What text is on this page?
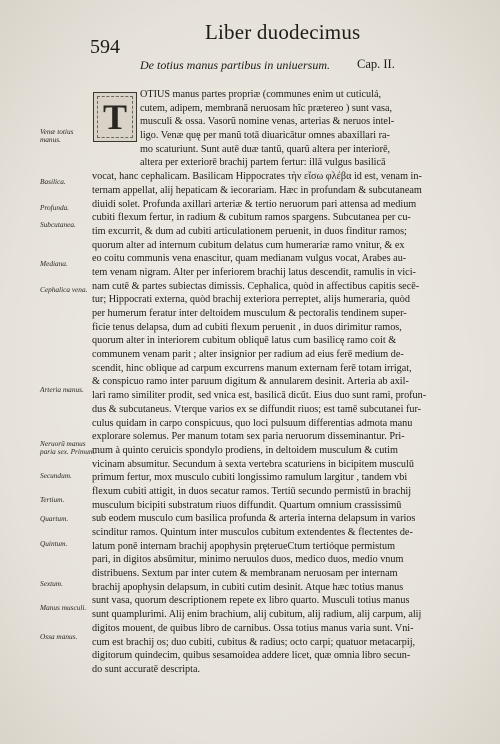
594
Liber duodecimus
De totius manus partibus in uniuersum. Cap. II.
Venæ totius manus.
Basilica.
Profunda.
Subcutanea.
Mediana.
Cephalica vena.
Arteria manus.
Neruorū manus paria sex. Primum.
Secundum.
Tertium.
Quartum.
Quintum.
Sextum.
Manus musculi.
Ossa manus.
T
OTIUS manus partes propriæ (communes enim ut cuticulá,
cutem, adipem, membranā neruosam hîc prætereo ) sunt vasa,
musculi & ossa. Vasorũ nomine venas, arterias & neruos intel-
ligo. Venæ quę per manũ totā diuaricātur omnes abaxillari ra-
mo scaturiunt. Sunt autē duæ tantũ, quarũ altera per interiorē,
altera per exteriorē brachij partem fertur: illā vulgus basilicā
vocat, hanc cephalicam. Basilicam Hippocrates τὴν εἴσω φλέβα id est, venam in-
ternam appellat, alij hepaticam & iecorariam. Hæc in profundam & subcutaneam
diuidi solet. Profunda axillari arteriæ & tertio neruorum pari attensa ad medium
cubiti flexum fertur, in radium & cubitum ramos spargens. Subcutanea per cu-
tim excurrit, & dum ad cubiti articulationem peruenit, in duos finditur ramos;
quorum alter ad internum cubitum delatus cum humerariæ ramo vnitur, & ex
eo coitu communis vena enascitur, quam medianam vulgus vocat, Arabes au-
tem venam nigram. Alter per inferiorem brachij latus descendit, ramulis in vici-
nam cutē & partes subiectas dimissis. Cephalica, quòd in affectibus capitis secē-
tur; Hippocrati externa, quòd brachij exteriora perreptet, alijs humeraria, quòd
per humerum feratur inter deltoidem musculum & pectoralis tendinem super-
ficie tenus delapsa, dum ad cubiti flexum peruenit , in duos dirimitur ramos,
quorum alter in interiorem cubitum obliquē latus cum basilicę ramo coit &
communem venam parit ; alter insignior per radium ad eius ferē medium de-
scendit, hinc oblique ad carpum excurrens manum externam ferē totam irrigat,
& conspicuo ramo inter paruum digitum & annularem desinit. Arteria ab axil-
lari ramo similiter prodit, sed vnica est, basilicā dicūt. Eius duo sunt rami, profun-
dus & subcutaneus. Vterque varios ex se diffundit riuos; est tamē subcutanei fur-
culus quidam in carpo conspicuus, quo loci pulsuum differentias admota manu
explorare solemus. Per manum totam sex paria neruorum disseminantur. Pri-
mum à quinto ceruicis spondylo prodiens, in deltoidem musculum & cutim
vicinam absumitur. Secundum à sexta vertebra scaturiens in bicipitem musculū
primum fertur, mox musculo cubiti longissimo ramulum largitur , tandem vbi
flexum cubiti attigit, in duos secatur ramos. Tertiū secundo permistū in brachij
musculum bicipiti substratum riuos diffundit. Quartum omnium crassissimū
sub eodem musculo cum basilica profunda & arteria interna delapsum in varios
scinditur ramos. Quintum inter musculos cubitum extendentes & flectentes de-
latum ponē internam brachij apophysin prȩterueCtum tertióque permistum
pari, in digitos absūmitur, minimo neruulos duos, medico duos, medio vnum
distribuens. Sextum par inter cutem & membranam neruosam per internam
brachij apophysin delapsum, in cubiti cutim desinit. Atque hæc totius manus
sunt vasa, quorum descriptionem repete ex libro quarto. Musculi totius manus
sunt quamplurimi. Alij enim brachium, alij cubitum, alij radium, alij carpum, alij
digitos mouent, de quibus libro de carnibus. Ossa totius manus varia sunt. Vni-
cum est brachij os; duo cubiti, cubitus & radius; octo carpi; quatuor metacarpij,
digitorum quindecim, quibus sesamoidea addere licet, quæ omnia libro secun-
do sunt accuratē descripta.
